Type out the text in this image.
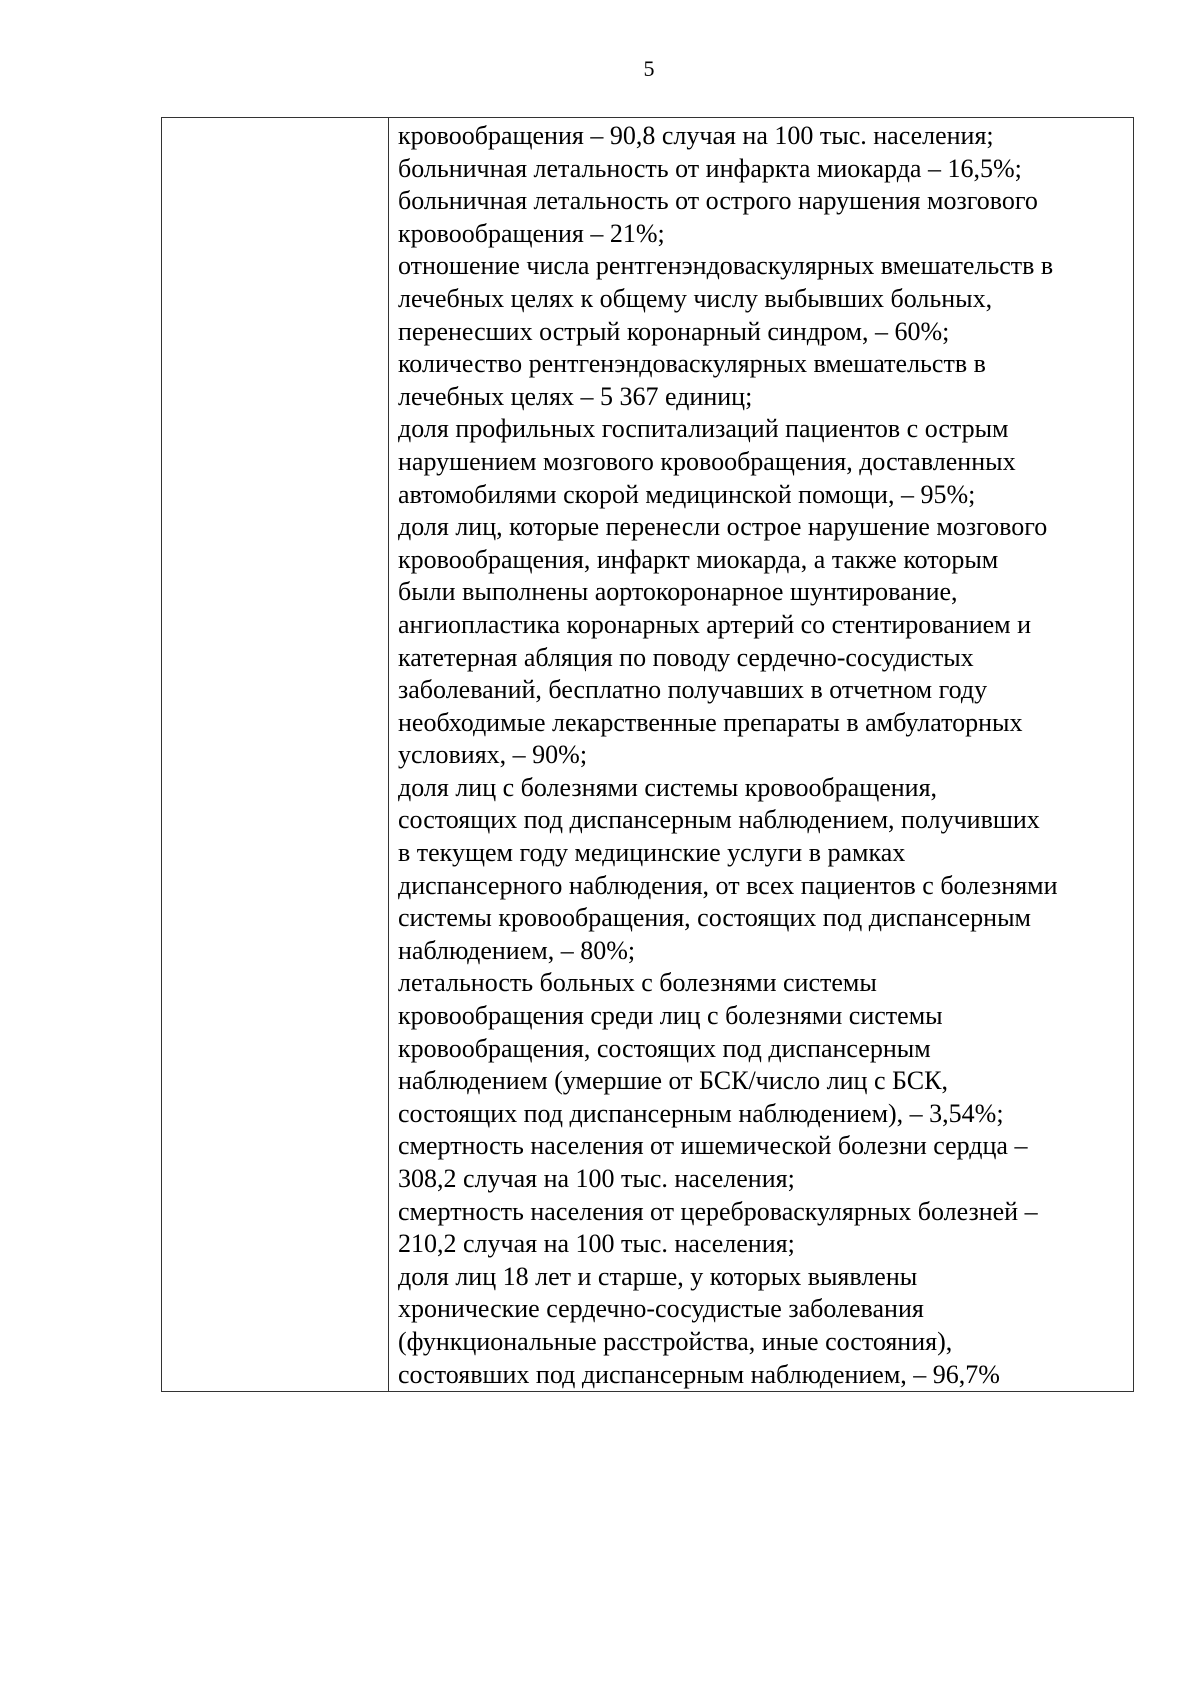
5
кровообращения – 90,8 случая на 100 тыс. населения;
больничная летальность от инфаркта миокарда – 16,5%;
больничная летальность от острого нарушения мозгового
кровообращения – 21%;
отношение числа рентгенэндоваскулярных вмешательств в
лечебных целях к общему числу выбывших больных,
перенесших острый коронарный синдром, – 60%;
количество рентгенэндоваскулярных вмешательств в
лечебных целях – 5 367 единиц;
доля профильных госпитализаций пациентов с острым
нарушением мозгового кровообращения, доставленных
автомобилями скорой медицинской помощи, – 95%;
доля лиц, которые перенесли острое нарушение мозгового
кровообращения, инфаркт миокарда, а также которым
были выполнены аортокоронарное шунтирование,
ангиопластика коронарных артерий со стентированием и
катетерная абляция по поводу сердечно-сосудистых
заболеваний, бесплатно получавших в отчетном году
необходимые лекарственные препараты в амбулаторных
условиях, – 90%;
доля лиц с болезнями системы кровообращения,
состоящих под диспансерным наблюдением, получивших
в текущем году медицинские услуги в рамках
диспансерного наблюдения, от всех пациентов с болезнями
системы кровообращения, состоящих под диспансерным
наблюдением, – 80%;
летальность больных с болезнями системы
кровообращения среди лиц с болезнями системы
кровообращения, состоящих под диспансерным
наблюдением (умершие от БСК/число лиц с БСК,
состоящих под диспансерным наблюдением), – 3,54%;
смертность населения от ишемической болезни сердца –
308,2 случая на 100 тыс. населения;
смертность населения от цереброваскулярных болезней –
210,2 случая на 100 тыс. населения;
доля лиц 18 лет и старше, у которых выявлены
хронические сердечно-сосудистые заболевания
(функциональные расстройства, иные состояния),
состоявших под диспансерным наблюдением, – 96,7%
